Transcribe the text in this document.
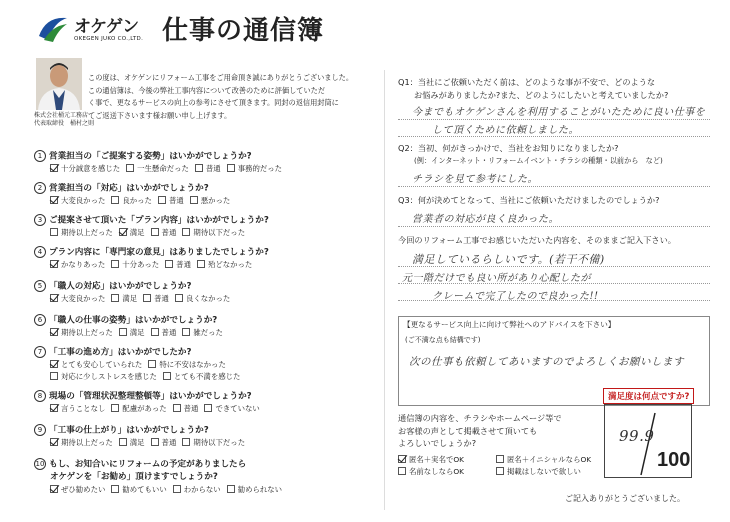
オケゲン
OKEGEN JUKO CO.,LTD. 仕事の通信簿
株式会社桶元工務店
代表取締役　桶村之則
この度は、オケゲンにリフォーム工事をご用命頂き誠にありがとうございました。
この通信簿は、今後の弊社工事内容について改善のために評価していただ
く事で、更なるサービスの向上の参考にさせて頂きます。同封の返信用封筒に
てご返送下さいます様お願い申し上げます。
1 営業担当の「ご提案する姿勢」はいかがでしょうか?
十分誠意を感じた 一生懸命だった 普通 事務的だった
2 営業担当の「対応」はいかがでしょうか?
大変良かった 良かった 普通 悪かった
3 ご提案させて頂いた「プラン内容」はいかがでしょうか?
期待以上だった 満足 普通 期待以下だった
4 プラン内容に「専門家の意見」はありましたでしょうか?
かなりあった 十分あった 普通 殆どなかった
5 「職人の対応」はいかがでしょうか?
大変良かった 満足 普通 良くなかった
6 「職人の仕事の姿勢」はいかがでしょうか?
期待以上だった 満足 普通 雑だった
7 「工事の進め方」はいかがでしたか?
とても安心していられた 特に不安はなかった
対応に少しストレスを感じた とても不満を感じた
8 現場の「管理状況整理整頓等」はいかがでしょうか?
言うことなし 配慮があった 普通 できていない
9 「工事の仕上がり」はいかがでしょうか?
期待以上だった 満足 普通 期待以下だった
10 もし、お知合いにリフォームの予定がありましたら
オケゲンを「お勧め」頂けますでしょうか?
ぜひ勧めたい 勧めてもいい わからない 勧められない
Q1：当社にご依頼いただく前は、どのような事が不安で、どのような
お悩みがありましたか?また、どのようにしたいと考えていましたか?
今までもオケゲンさんを利用することがいたために良い仕事を
して頂くために依頼しました。
Q2：当初、何がきっかけで、当社をお知りになりましたか?
(例：インターネット・リフォームイベント・チラシの種類・以前から　など)
チラシを見て参考にした。
Q3：何が決めてとなって、当社にご依頼いただけましたのでしょうか?
営業者の対応が良く良かった。
今回のリフォーム工事でお感じいただいた内容を、そのままご記入下さい。
満足しているらしいです。(若干不備)
元一階だけでも良い所があり心配したが
クレームで完了したので良かった!!
【更なるサービス向上に向けて弊社へのアドバイスを下さい】
(ご不満な点も結構です)
次の仕事も依頼してあいますのでよろしくお願いします
通信簿の内容を、チラシやホームページ等で
お客様の声として掲載させて頂いても
よろしいでしょうか?
匿名＋実名でOK	匿名＋イニシャルならOK
名前なしならOK	掲載はしないで欲しい
満足度は何点ですか?
99.9
100
ご記入ありがとうございました。
